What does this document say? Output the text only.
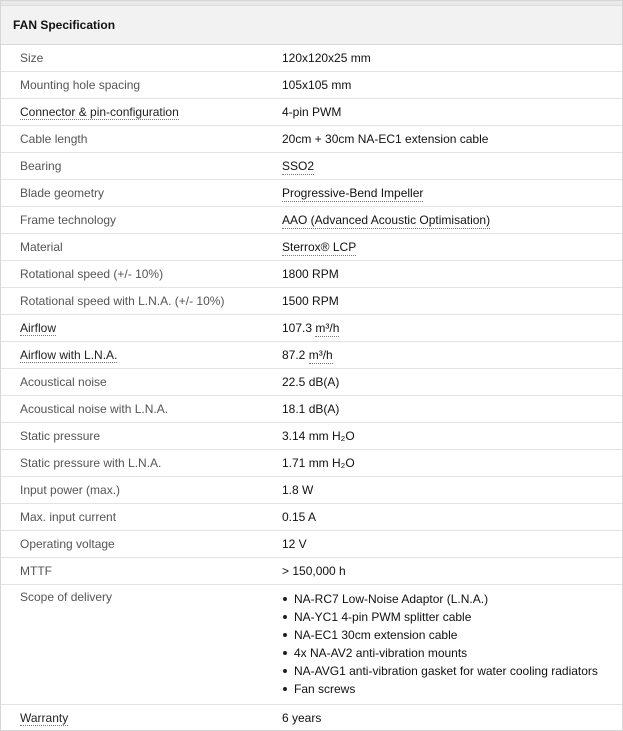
FAN Specification
Size	120x120x25 mm
Mounting hole spacing	105x105 mm
Connector & pin-configuration	4-pin PWM
Cable length	20cm + 30cm NA-EC1 extension cable
Bearing	SSO2
Blade geometry	Progressive-Bend Impeller
Frame technology	AAO (Advanced Acoustic Optimisation)
Material	Sterrox® LCP
Rotational speed (+/- 10%)	1800 RPM
Rotational speed with L.N.A. (+/- 10%)	1500 RPM
Airflow	107.3 m³/h
Airflow with L.N.A.	87.2 m³/h
Acoustical noise	22.5 dB(A)
Acoustical noise with L.N.A.	18.1 dB(A)
Static pressure	3.14 mm H₂O
Static pressure with L.N.A.	1.71 mm H₂O
Input power (max.)	1.8 W
Max. input current	0.15 A
Operating voltage	12 V
MTTF	> 150,000 h
Scope of delivery	NA-RC7 Low-Noise Adaptor (L.N.A.)
NA-YC1 4-pin PWM splitter cable
NA-EC1 30cm extension cable
4x NA-AV2 anti-vibration mounts
NA-AVG1 anti-vibration gasket for water cooling radiators
Fan screws
Warranty	6 years
